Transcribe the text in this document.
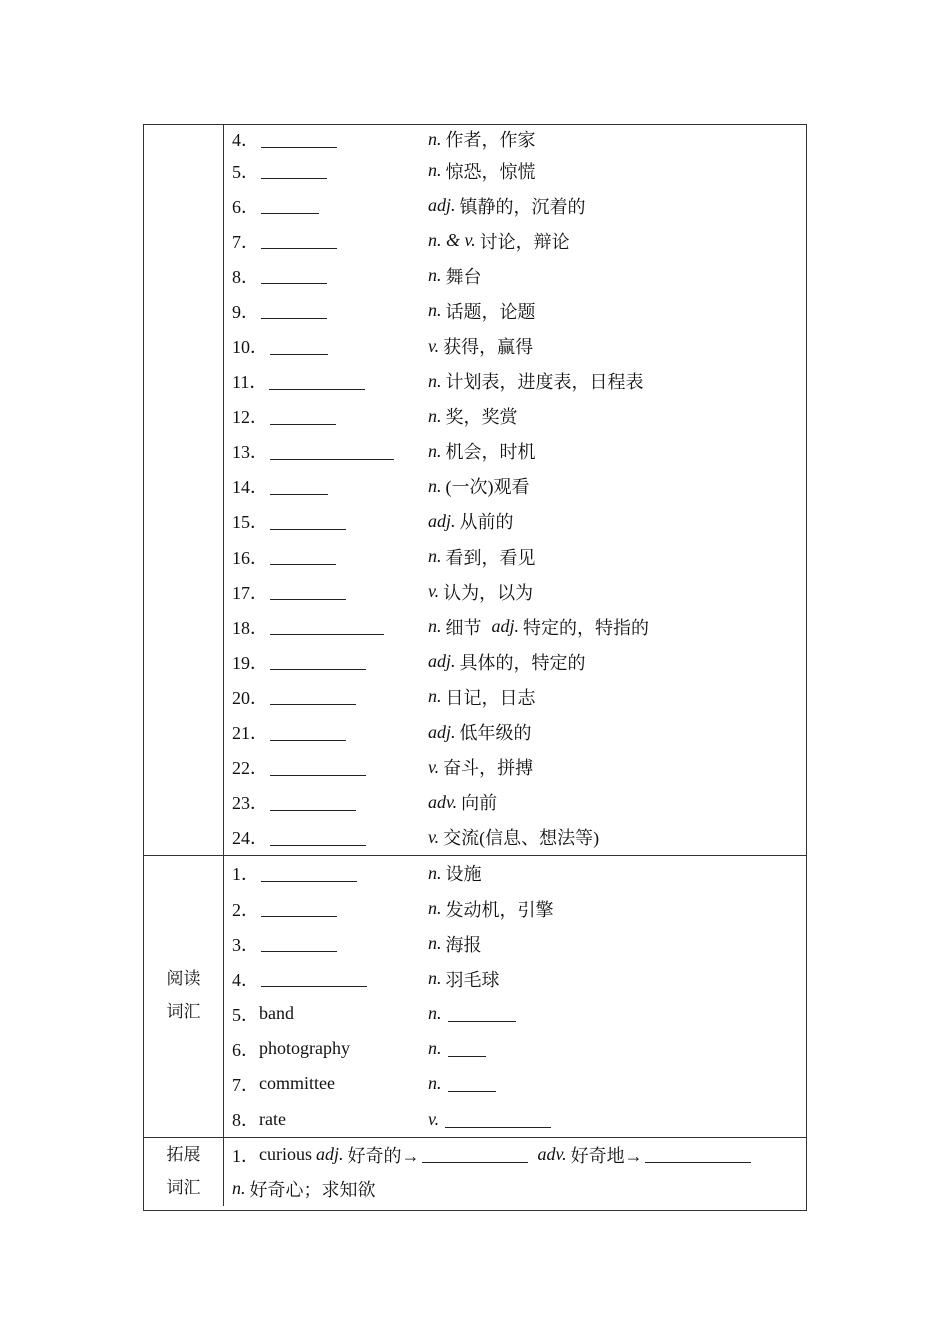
4．	n. 作者，作家
5．	n. 惊恐，惊慌
6．	adj. 镇静的，沉着的
7．	n. & v. 讨论，辩论
8．	n. 舞台
9．	n. 话题，论题
10．	v. 获得，赢得
11．	n. 计划表，进度表，日程表
12．	n. 奖，奖赏
13．	n. 机会，时机
14．	n. (一次)观看
15．	adj. 从前的
16．	n. 看到，看见
17．	v. 认为，以为
18．	n. 细节 adj. 特定的，特指的
19．	adj. 具体的，特定的
20．	n. 日记，日志
21．	adj. 低年级的
22．	v. 奋斗，拼搏
23．	adv. 向前
24．	v. 交流(信息、想法等)
阅读
词汇
1．	n. 设施
2．	n. 发动机，引擎
3．	n. 海报
4．	n. 羽毛球
5． band	n.
6． photography	n.
7． committee	n.
8． rate	v.
拓展
词汇
1． curious adj. 好奇的→	adv. 好奇地→
n. 好奇心；求知欲
